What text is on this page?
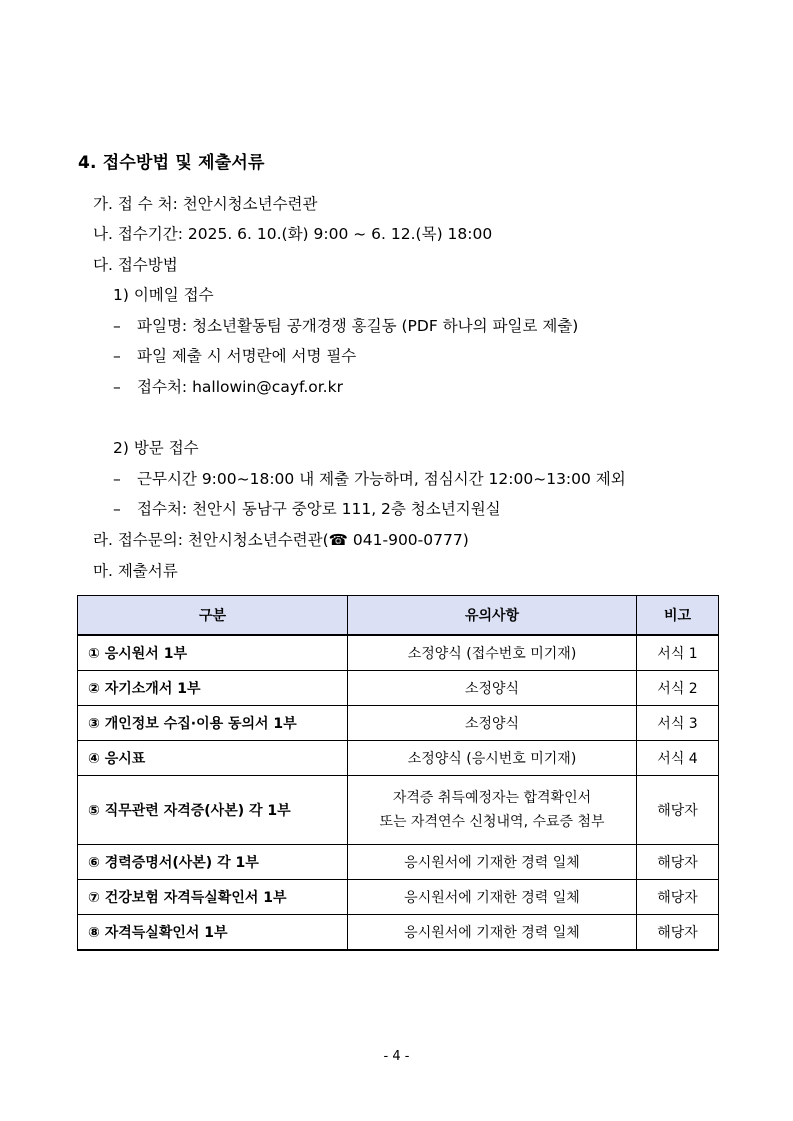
4. 접수방법 및 제출서류
가. 접 수 처: 천안시청소년수련관
나. 접수기간: 2025. 6. 10.(화) 9:00 ~ 6. 12.(목) 18:00
다. 접수방법
1) 이메일 접수
– 파일명: 청소년활동팀 공개경쟁 홍길동 (PDF 하나의 파일로 제출)
– 파일 제출 시 서명란에 서명 필수
– 접수처: hallowin@cayf.or.kr
2) 방문 접수
– 근무시간 9:00~18:00 내 제출 가능하며, 점심시간 12:00~13:00 제외
– 접수처: 천안시 동남구 중앙로 111, 2층 청소년지원실
라. 접수문의: 천안시청소년수련관(☎ 041-900-0777)
마. 제출서류
구분	유의사항	비고
① 응시원서 1부	소정양식 (접수번호 미기재)	서식 1
② 자기소개서 1부	소정양식	서식 2
③ 개인정보 수집·이용 동의서 1부	소정양식	서식 3
④ 응시표	소정양식 (응시번호 미기재)	서식 4
⑤ 직무관련 자격증(사본) 각 1부	자격증 취득예정자는 합격확인서
또는 자격연수 신청내역, 수료증 첨부	해당자
⑥ 경력증명서(사본) 각 1부	응시원서에 기재한 경력 일체	해당자
⑦ 건강보험 자격득실확인서 1부	응시원서에 기재한 경력 일체	해당자
⑧ 자격득실확인서 1부	응시원서에 기재한 경력 일체	해당자
- 4 -
